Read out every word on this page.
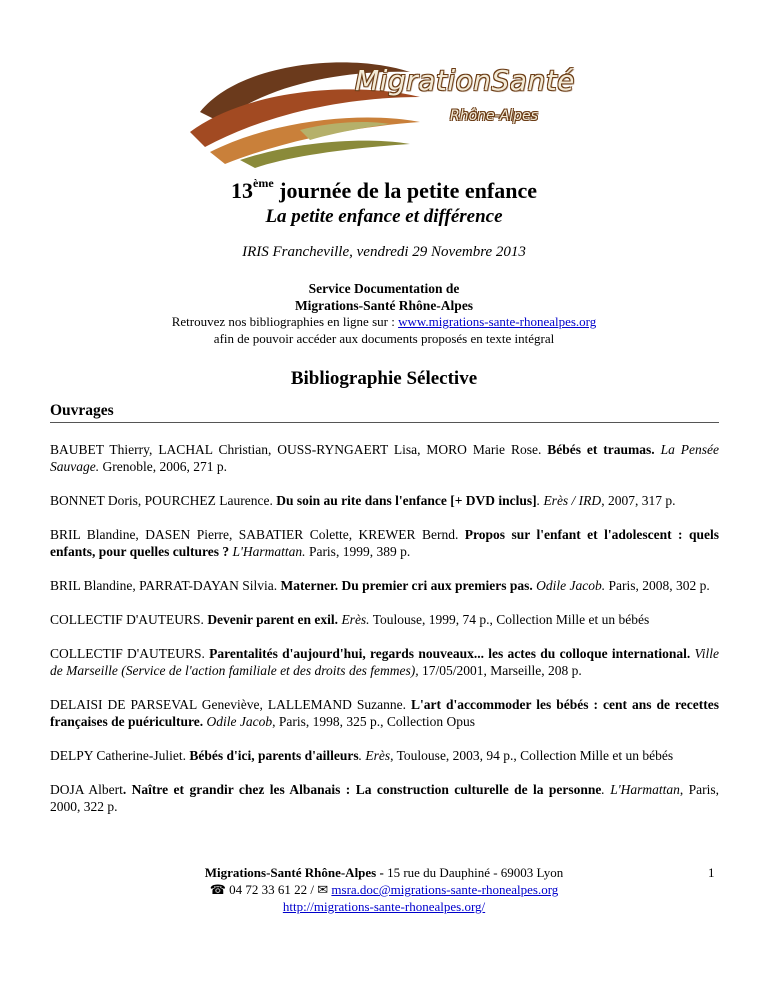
MigrationSanté
Rhône-Alpes
13ème journée de la petite enfance
La petite enfance et différence
IRIS Francheville, vendredi 29 Novembre 2013
Service Documentation de
Migrations-Santé Rhône-Alpes
Retrouvez nos bibliographies en ligne sur : www.migrations-sante-rhonealpes.org
afin de pouvoir accéder aux documents proposés en texte intégral
Bibliographie Sélective
Ouvrages
BAUBET Thierry, LACHAL Christian, OUSS-RYNGAERT Lisa, MORO Marie Rose. Bébés et traumas. La Pensée Sauvage. Grenoble, 2006, 271 p.
BONNET Doris, POURCHEZ Laurence. Du soin au rite dans l'enfance [+ DVD inclus]. Erès / IRD, 2007, 317 p.
BRIL Blandine, DASEN Pierre, SABATIER Colette, KREWER Bernd. Propos sur l'enfant et l'adolescent : quels enfants, pour quelles cultures ? L'Harmattan. Paris, 1999, 389 p.
BRIL Blandine, PARRAT-DAYAN Silvia. Materner. Du premier cri aux premiers pas. Odile Jacob. Paris, 2008, 302 p.
COLLECTIF D'AUTEURS. Devenir parent en exil. Erès. Toulouse, 1999, 74 p., Collection Mille et un bébés
COLLECTIF D'AUTEURS. Parentalités d'aujourd'hui, regards nouveaux... les actes du colloque international. Ville de Marseille (Service de l'action familiale et des droits des femmes), 17/05/2001, Marseille, 208 p.
DELAISI DE PARSEVAL Geneviève, LALLEMAND Suzanne. L'art d'accommoder les bébés : cent ans de recettes françaises de puériculture. Odile Jacob, Paris, 1998, 325 p., Collection Opus
DELPY Catherine-Juliet. Bébés d'ici, parents d'ailleurs. Erès, Toulouse, 2003, 94 p., Collection Mille et un bébés
DOJA Albert. Naître et grandir chez les Albanais : La construction culturelle de la personne. L'Harmattan, Paris, 2000, 322 p.
Migrations-Santé Rhône-Alpes - 15 rue du Dauphiné - 69003 Lyon
☎ 04 72 33 61 22 / ✉ msra.doc@migrations-sante-rhonealpes.org
http://migrations-sante-rhonealpes.org/
1
